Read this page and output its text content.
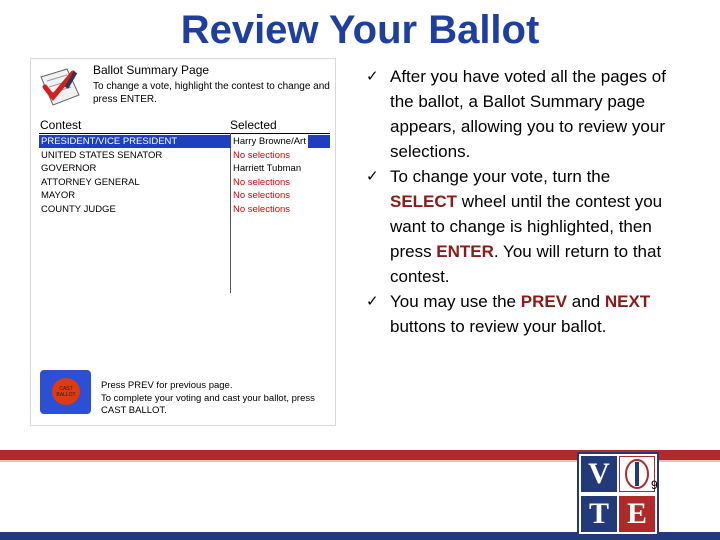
Review Your Ballot
Ballot Summary Page
To change a vote, highlight the contest to change and press ENTER.
Contest	Selected
PRESIDENT/VICE PRESIDENT	Harry Browne/Art
UNITED STATES SENATOR	No selections
GOVERNOR	Harriett Tubman
ATTORNEY GENERAL	No selections
MAYOR	No selections
COUNTY JUDGE	No selections
CAST BALLOT
Press PREV for previous page.
To complete your voting and cast your ballot, press CAST BALLOT.
✓ After you have voted all the pages of the ballot, a Ballot Summary page appears, allowing you to review your selections.
✓ To change your vote, turn the SELECT wheel until the contest you want to change is highlighted, then press ENTER. You will return to that contest.
✓ You may use the PREV and NEXT buttons to review your ballot.
V
T E
9
